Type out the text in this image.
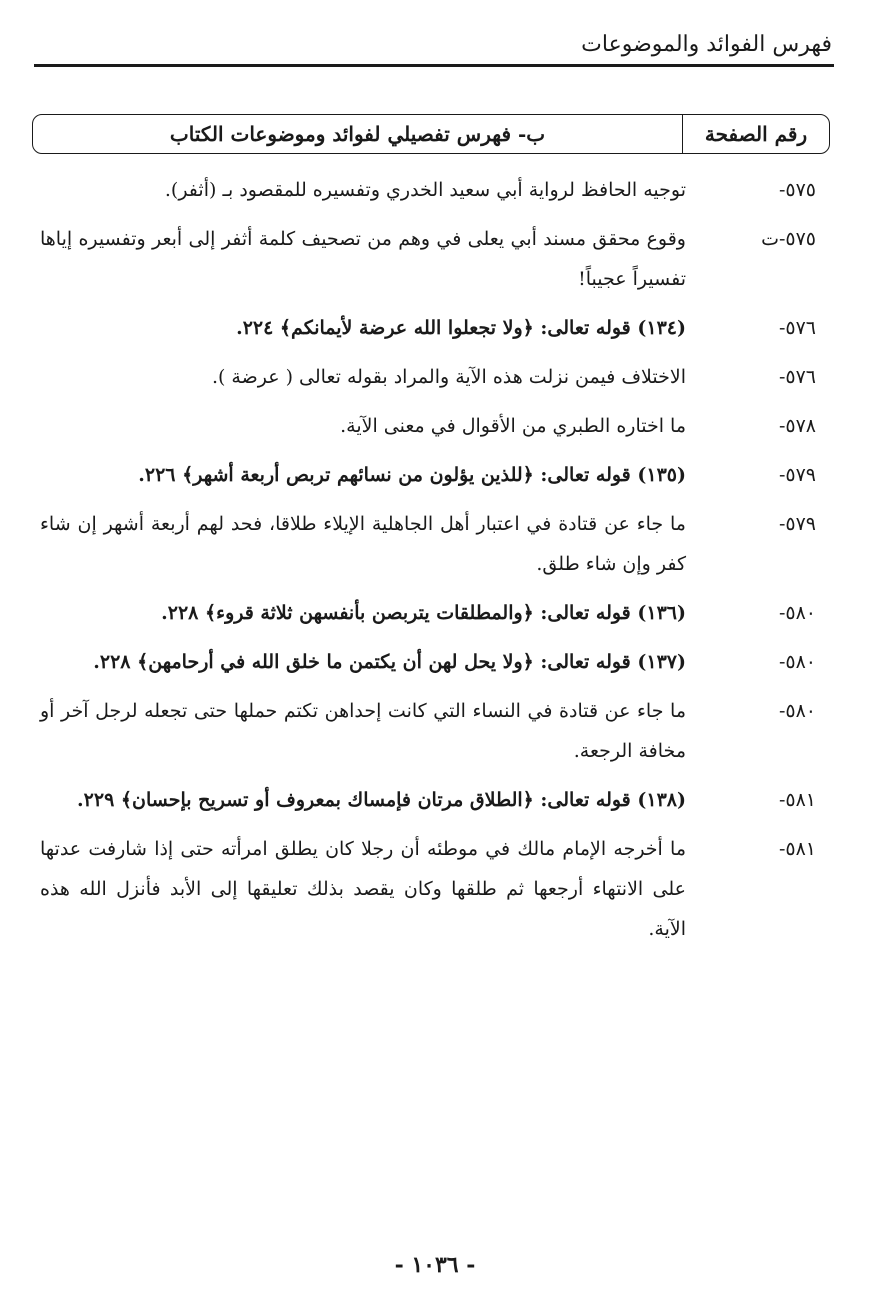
فهرس الفوائد والموضوعات
رقم الصفحة
ب- فهرس تفصيلي لفوائد وموضوعات الكتاب
٥٧٥-
توجيه الحافظ لرواية أبي سعيد الخدري وتفسيره للمقصود بـ (أثفر).
٥٧٥-ت
وقوع محقق مسند أبي يعلى في وهم من تصحيف كلمة أثفر إلى أبعر وتفسيره إياها تفسيراً عجيباً!
٥٧٦-
(١٣٤) قوله تعالى: ﴿ولا تجعلوا الله عرضة لأيمانكم﴾ ٢٢٤.
٥٧٦-
الاختلاف فيمن نزلت هذه الآية والمراد بقوله تعالى ( عرضة ).
٥٧٨-
ما اختاره الطبري من الأقوال في معنى الآية.
٥٧٩-
(١٣٥) قوله تعالى: ﴿للذين يؤلون من نسائهم تربص أربعة أشهر﴾ ٢٢٦.
٥٧٩-
ما جاء عن قتادة في اعتبار أهل الجاهلية الإيلاء طلاقا، فحد لهم أربعة أشهر إن شاء كفر وإن شاء طلق.
٥٨٠-
(١٣٦) قوله تعالى: ﴿والمطلقات يتربصن بأنفسهن ثلاثة قروء﴾ ٢٢٨.
٥٨٠-
(١٣٧) قوله تعالى: ﴿ولا يحل لهن أن يكتمن ما خلق الله في أرحامهن﴾ ٢٢٨.
٥٨٠-
ما جاء عن قتادة في النساء التي كانت إحداهن تكتم حملها حتى تجعله لرجل آخر أو مخافة الرجعة.
٥٨١-
(١٣٨) قوله تعالى: ﴿الطلاق مرتان فإمساك بمعروف أو تسريح بإحسان﴾ ٢٢٩.
٥٨١-
ما أخرجه الإمام مالك في موطئه أن رجلا كان يطلق امرأته حتى إذا شارفت عدتها على الانتهاء أرجعها ثم طلقها وكان يقصد بذلك تعليقها إلى الأبد فأنزل الله هذه الآية.
- ١٠٣٦ -
